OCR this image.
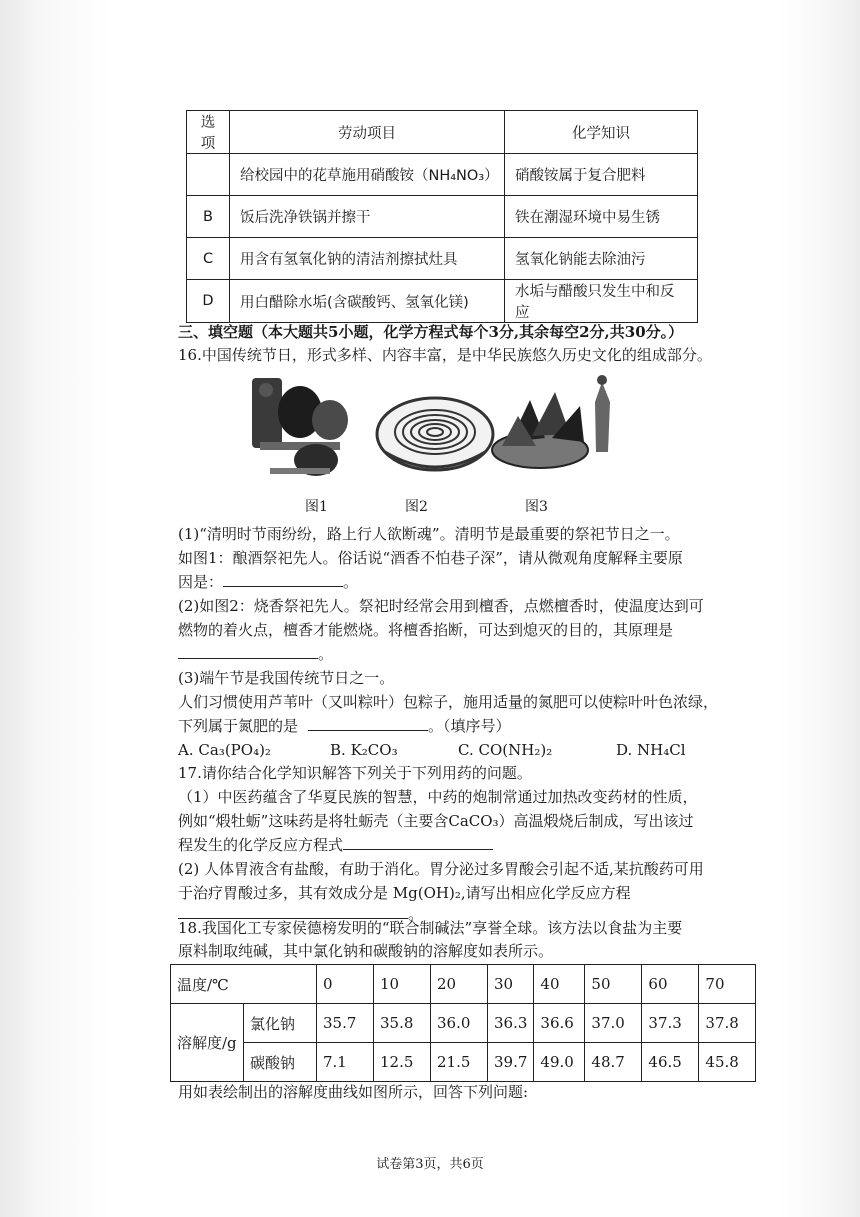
选项	劳动项目	化学知识
	给校园中的花草施用硝酸铵（NH₄NO₃）	硝酸铵属于复合肥料
B	饭后洗净铁锅并擦干	铁在潮湿环境中易生锈
C	用含有氢氧化钠的清洁剂擦拭灶具	氢氧化钠能去除油污
D	用白醋除水垢(含碳酸钙、氢氧化镁)	水垢与醋酸只发生中和反应
三、填空题（本大题共5小题，化学方程式每个3分,其余每空2分,共30分。）
16.中国传统节日，形式多样、内容丰富，是中华民族悠久历史文化的组成部分。
图1	图2	图3
(1)“清明时节雨纷纷，路上行人欲断魂”。清明节是最重要的祭祀节日之一。
如图1：酿酒祭祀先人。俗话说“酒香不怕巷子深”，请从微观角度解释主要原
因是：	。
(2)如图2：烧香祭祀先人。祭祀时经常会用到檀香，点燃檀香时，使温度达到可
燃物的着火点，檀香才能燃烧。将檀香掐断，可达到熄灭的目的，其原理是
。
(3)端午节是我国传统节日之一。
人们习惯使用芦苇叶（又叫粽叶）包粽子，施用适量的氮肥可以使粽叶叶色浓绿，
下列属于氮肥的是	。（填序号）
A. Ca₃(PO₄)₂	B. K₂CO₃	C. CO(NH₂)₂	D. NH₄Cl
17.请你结合化学知识解答下列关于下列用药的问题。
（1）中医药蕴含了华夏民族的智慧，中药的炮制常通过加热改变药材的性质，
例如“煅牡蛎”这味药是将牡蛎壳（主要含CaCO₃）高温煅烧后制成，写出该过
程发生的化学反应方程式
(2) 人体胃液含有盐酸，有助于消化。胃分泌过多胃酸会引起不适,某抗酸药可用
于治疗胃酸过多，其有效成分是 Mg(OH)₂,请写出相应化学反应方程
。
18.我国化工专家侯德榜发明的“联合制碱法”享誉全球。该方法以食盐为主要
原料制取纯碱，其中氯化钠和碳酸钠的溶解度如表所示。
温度/℃		0	10	20	30	40	50	60	70
溶解度/g	氯化钠	35.7	35.8	36.0	36.3	36.6	37.0	37.3	37.8
	碳酸钠	7.1	12.5	21.5	39.7	49.0	48.7	46.5	45.8
用如表绘制出的溶解度曲线如图所示，回答下列问题:
试卷第3页，共6页
